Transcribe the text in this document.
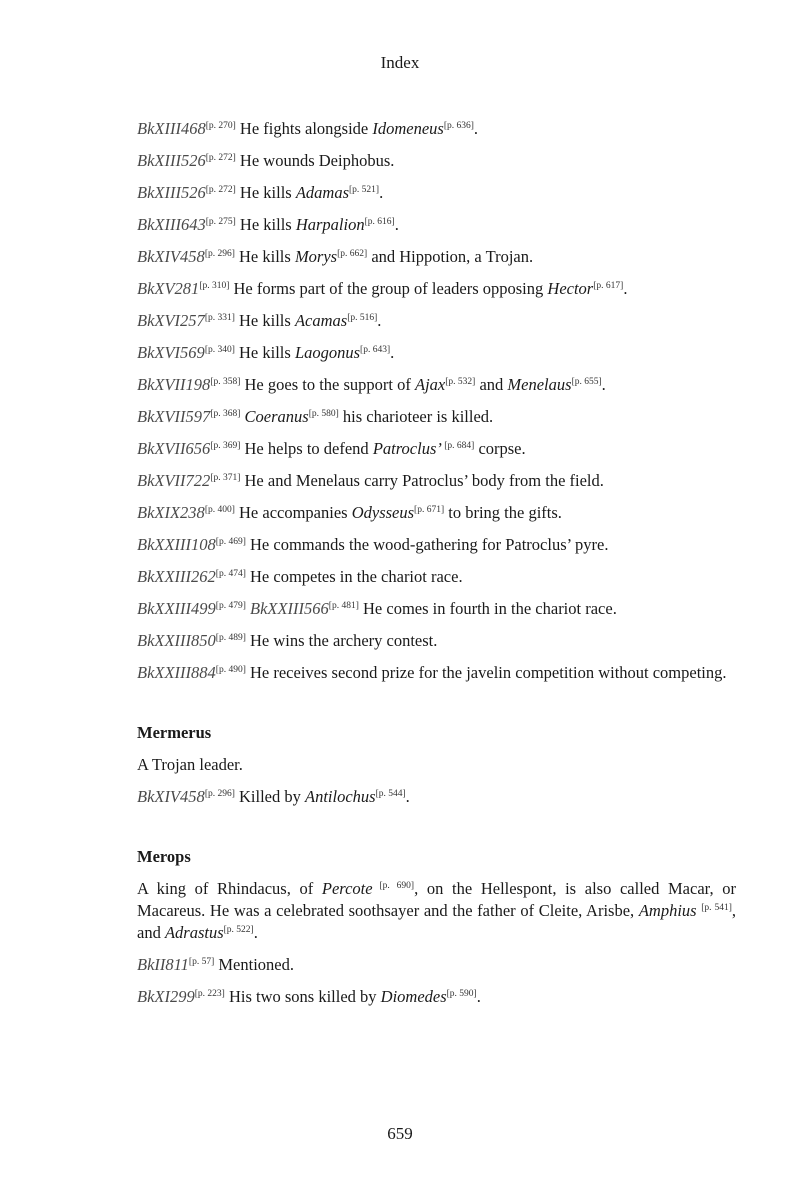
Index

BkXIII468[p. 270] He fights alongside Idomeneus[p. 636].

BkXIII526[p. 272] He wounds Deiphobus.

BkXIII526[p. 272] He kills Adamas[p. 521].

BkXIII643[p. 275] He kills Harpalion[p. 616].

BkXIV458[p. 296] He kills Morys[p. 662] and Hippotion, a Trojan.

BkXV281[p. 310] He forms part of the group of leaders opposing Hector[p. 617].

BkXVI257[p. 331] He kills Acamas[p. 516].

BkXVI569[p. 340] He kills Laogonus[p. 643].

BkXVII198[p. 358] He goes to the support of Ajax[p. 532] and Menelaus[p. 655].

BkXVII597[p. 368] Coeranus[p. 580] his charioteer is killed.

BkXVII656[p. 369] He helps to defend Patroclus’ [p. 684] corpse.

BkXVII722[p. 371] He and Menelaus carry Patroclus’ body from the field.

BkXIX238[p. 400] He accompanies Odysseus[p. 671] to bring the gifts.

BkXXIII108[p. 469] He commands the wood-gathering for Patroclus’ pyre.

BkXXIII262[p. 474] He competes in the chariot race.

BkXXIII499[p. 479] BkXXIII566[p. 481] He comes in fourth in the chariot race.

BkXXIII850[p. 489] He wins the archery contest.

BkXXIII884[p. 490] He receives second prize for the javelin competition without competing.

Mermerus

A Trojan leader.

BkXIV458[p. 296] Killed by Antilochus[p. 544].

Merops

A king of Rhindacus, of Percote [p. 690], on the Hellespont, is also called Macar, or Macareus. He was a celebrated soothsayer and the father of Cleite, Arisbe, Amphius [p. 541], and Adrastus[p. 522].

BkII811[p. 57] Mentioned.

BkXI299[p. 223] His two sons killed by Diomedes[p. 590].

659
